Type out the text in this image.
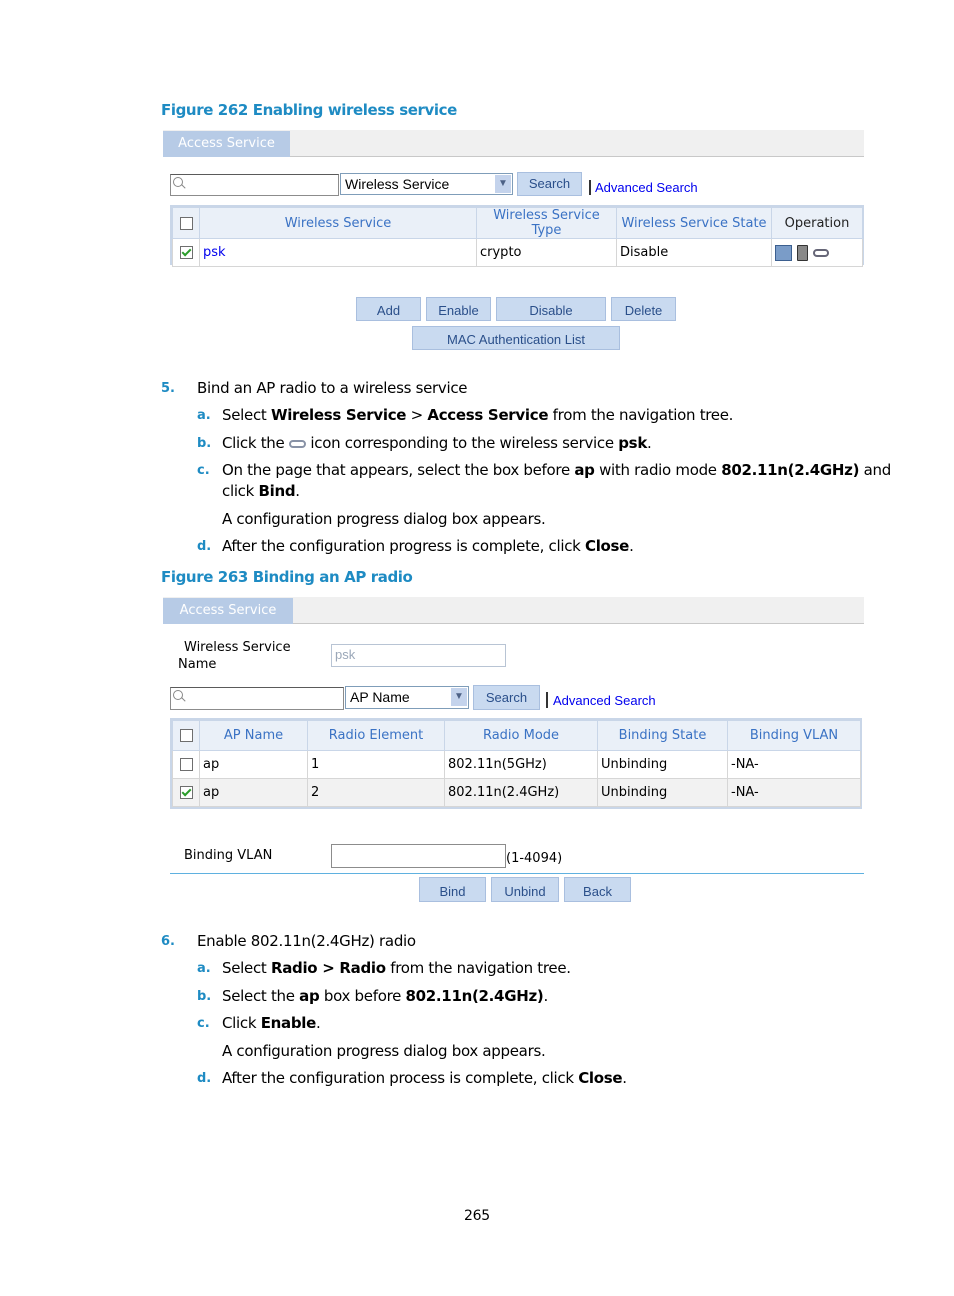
Figure 262 Enabling wireless service
Access Service
Wireless Service	▼	Search	Advanced Search
	Wireless Service	Wireless Service Type	Wireless Service State	Operation
	psk	crypto	Disable	
Add	Enable	Disable	Delete
MAC Authentication List
5. Bind an AP radio to a wireless service
a. Select Wireless Service > Access Service from the navigation tree.
b. Click the  icon corresponding to the wireless service psk.
c. On the page that appears, select the box before ap with radio mode 802.11n(2.4GHz) and
click Bind.
A configuration progress dialog box appears.
d. After the configuration progress is complete, click Close.
Figure 263 Binding an AP radio
Access Service
Wireless Service
Name
psk
AP Name	▼	Search	Advanced Search
	AP Name	Radio Element	Radio Mode	Binding State	Binding VLAN
	ap	1	802.11n(5GHz)	Unbinding	-NA-
	ap	2	802.11n(2.4GHz)	Unbinding	-NA-
Binding VLAN	(1-4094)
Bind	Unbind	Back
6. Enable 802.11n(2.4GHz) radio
a. Select Radio > Radio from the navigation tree.
b. Select the ap box before 802.11n(2.4GHz).
c. Click Enable.
A configuration progress dialog box appears.
d. After the configuration process is complete, click Close.
265
